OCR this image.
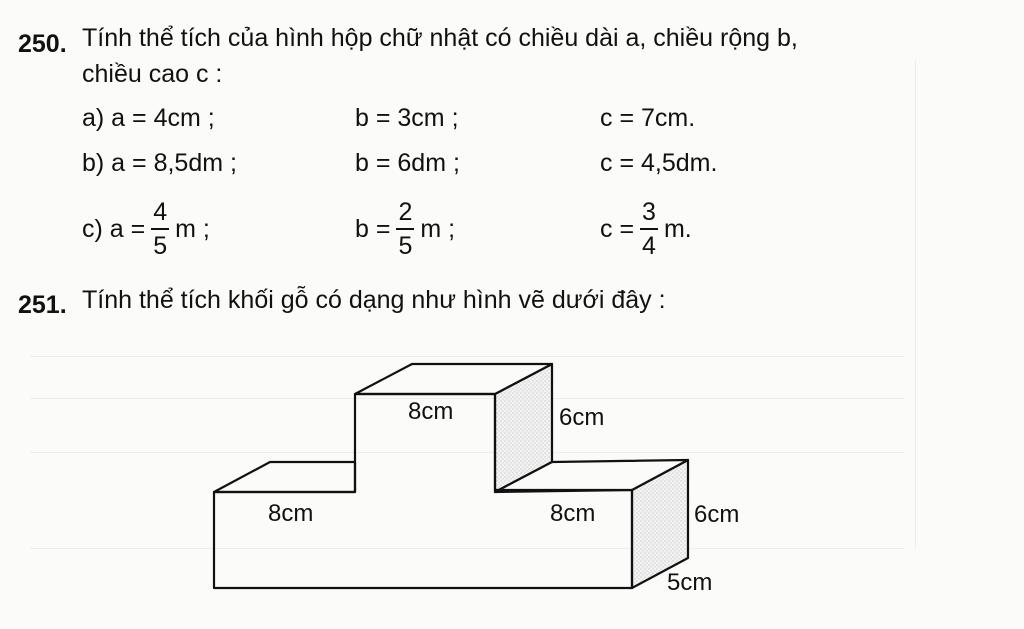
250. Tính thể tích của hình hộp chữ nhật có chiều dài a, chiều rộng b,
chiều cao c :
a) a = 4cm ;	b = 3cm ;	c = 7cm.
b) a = 8,5dm ;	b = 6dm ;	c = 4,5dm.
c) $a = \frac{4}{5}$ m ;	$b = \frac{2}{5}$ m ;	$c = \frac{3}{4} m$.
251. Tính thể tích khối gỗ có dạng như hình vẽ dưới đây :
8cm	6cm
8cm	8cm	6cm
5cm
